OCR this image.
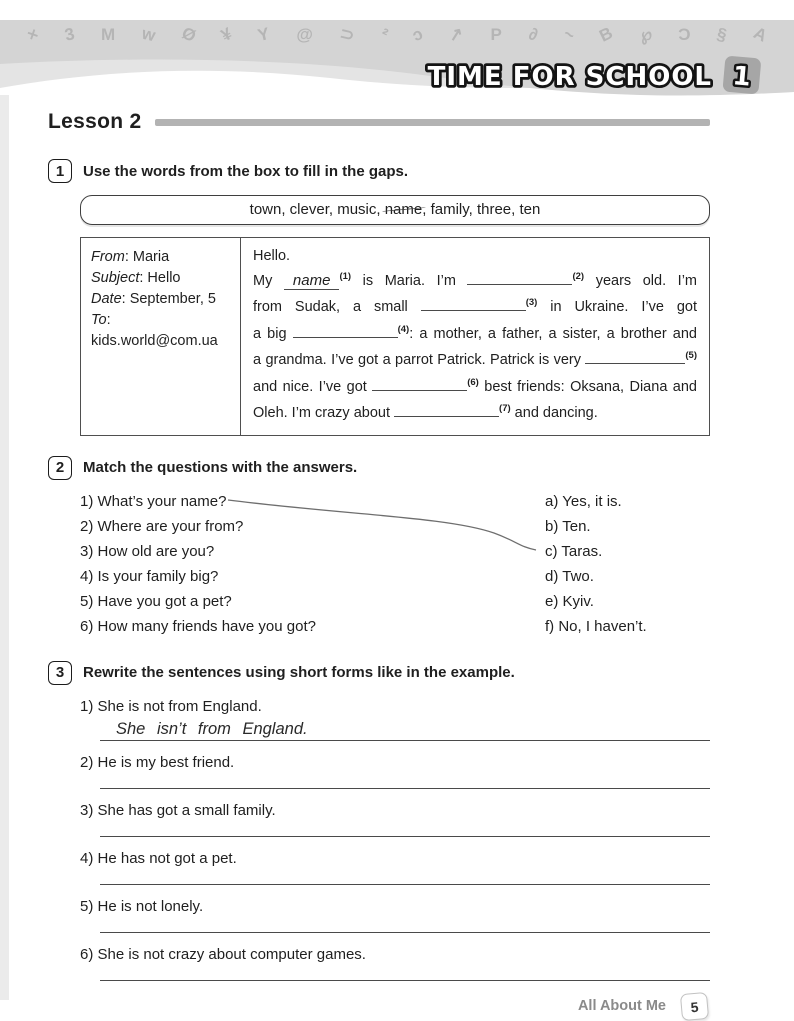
× 3 M w Ø ¥ Y @ ⊃ ² ↄ ↗ P ∂ ~ B ℘ Ɔ § A
TIME FOR SCHOOL 1
Lesson 2
1	Use the words from the box to fill in the gaps.
town, clever, music, name, family, three, ten
From: Maria
Subject: Hello
Date: September, 5
To:
kids.world@com.ua
Hello.
My name $^{(1)}$ is Maria. I’m	$^{(2)}$ years old. I’m
from Sudak, a small	$^{(3)}$ in Ukraine. I’ve got
a big	$^{(4)}$: a mother, a father, a sister, a brother and
a grandma. I’ve got a parrot Patrick. Patrick is very	$^{(5)}$
and nice. I’ve got	$^{(6)}$ best friends: Oksana, Diana and
Oleh. I’m crazy about	$^{(7)}$ and dancing.
2	Match the questions with the answers.
1) What’s your name?
2) Where are your from?
3) How old are you?
4) Is your family big?
5) Have you got a pet?
6) How many friends have you got?
a) Yes, it is.
b) Ten.
c) Taras.
d) Two.
e) Kyiv.
f) No, I haven’t.
3	Rewrite the sentences using short forms like in the example.
1) She is not from England.
She isn’t from England.
2) He is my best friend.
3) She has got a small family.
4) He has not got a pet.
5) He is not lonely.
6) She is not crazy about computer games.
All About Me	5
